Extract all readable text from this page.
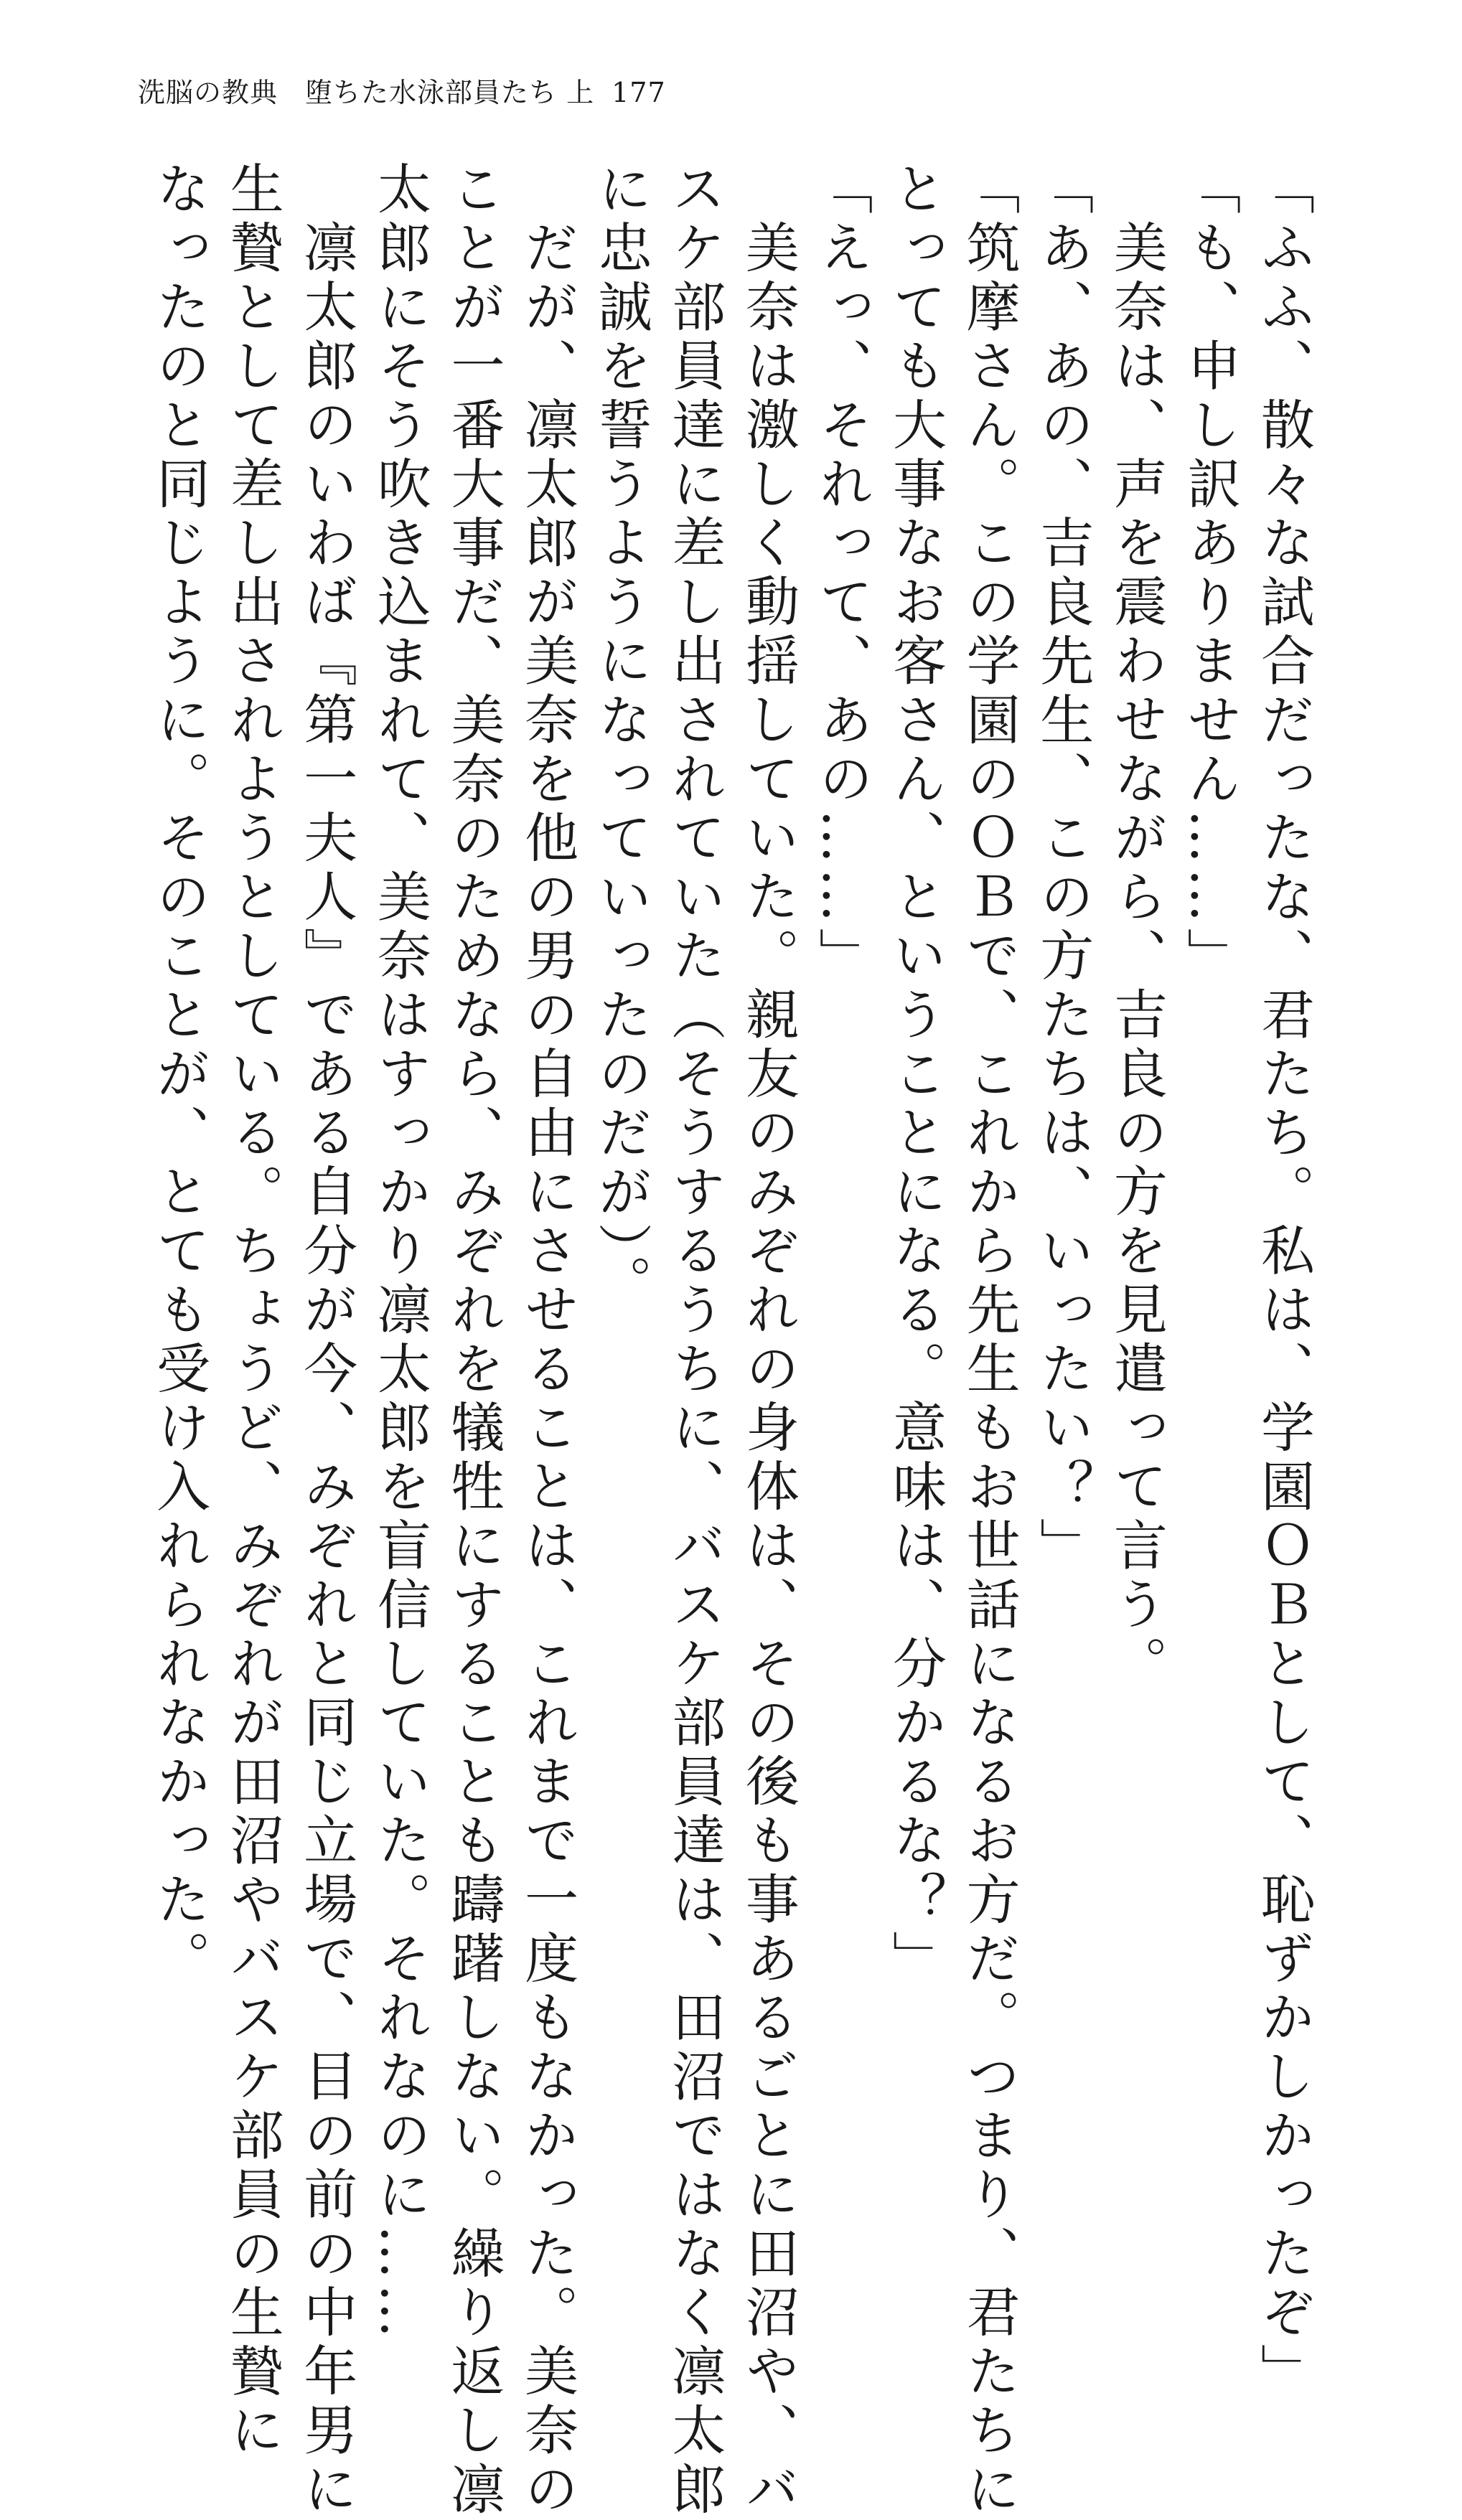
洗脳の教典 堕ちた水泳部員たち 上 177

「ふふ、散々な試合だったな、君たち。私は、学園ＯＢとして、恥ずかしかったぞ」

「も、申し訳ありません……」

美奈は、声を震わせながら、吉良の方を見遣って言う。

「あ、あの、吉良先生、この方たちは、いったい？」

「筑摩さん。この学園のＯＢで、これから先生もお世話になるお方だ。つまり、君たちに

とっても大事なお客さん、ということになる。意味は、分かるな？」

「えっ、それって、あの……」

美奈は激しく動揺していた。親友のみぞれの身体は、その後も事あるごとに田沼や、バ

スケ部員達に差し出されていた（そうするうちに、バスケ部員達は、田沼ではなく凛太郎

に忠誠を誓うようになっていったのだが）。

だが、凛太郎が美奈を他の男の自由にさせることは、これまで一度もなかった。美奈の

ことが一番大事だ、美奈のためなら、みぞれを犠牲にすることも躊躇しない。繰り返し凛

太郎にそう吹き込まれて、美奈はすっかり凛太郎を盲信していた。それなのに……

凛太郎のいわば『第一夫人』である自分が今、みぞれと同じ立場で、目の前の中年男に

生贄として差し出されようとしている。ちょうど、みぞれが田沼やバスケ部員の生贄に

なったのと同じように。そのことが、とても受け入れられなかった。
